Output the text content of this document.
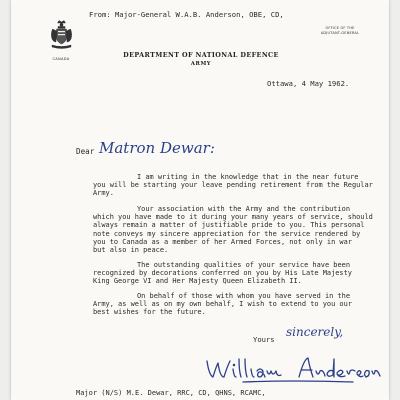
From: Major-General W.A.B. Anderson, OBE, CD,
CANADA
OFFICE OF THE
ADJUTANT-GENERAL
DEPARTMENT OF NATIONAL DEFENCE
ARMY
Ottawa, 4 May 1962.
Dear Matron Dewar:

I am writing in the knowledge that in the near future
you will be starting your leave pending retirement from the Regular
Army.

Your association with the Army and the contribution
which you have made to it during your many years of service, should
always remain a matter of justifiable pride to you. This personal
note conveys my sincere appreciation for the service rendered by
you to Canada as a member of her Armed Forces, not only in war
but also in peace.

The outstanding qualities of your service have been
recognized by decorations conferred on you by His Late Majesty
King George VI and Her Majesty Queen Elizabeth II.

On behalf of those with whom you have served in the
Army, as well as on my own behalf, I wish to extend to you our
best wishes for the future.

Yours
sincerely,
Major (N/S) M.E. Dewar, RRC, CD, QHNS, RCAMC,
